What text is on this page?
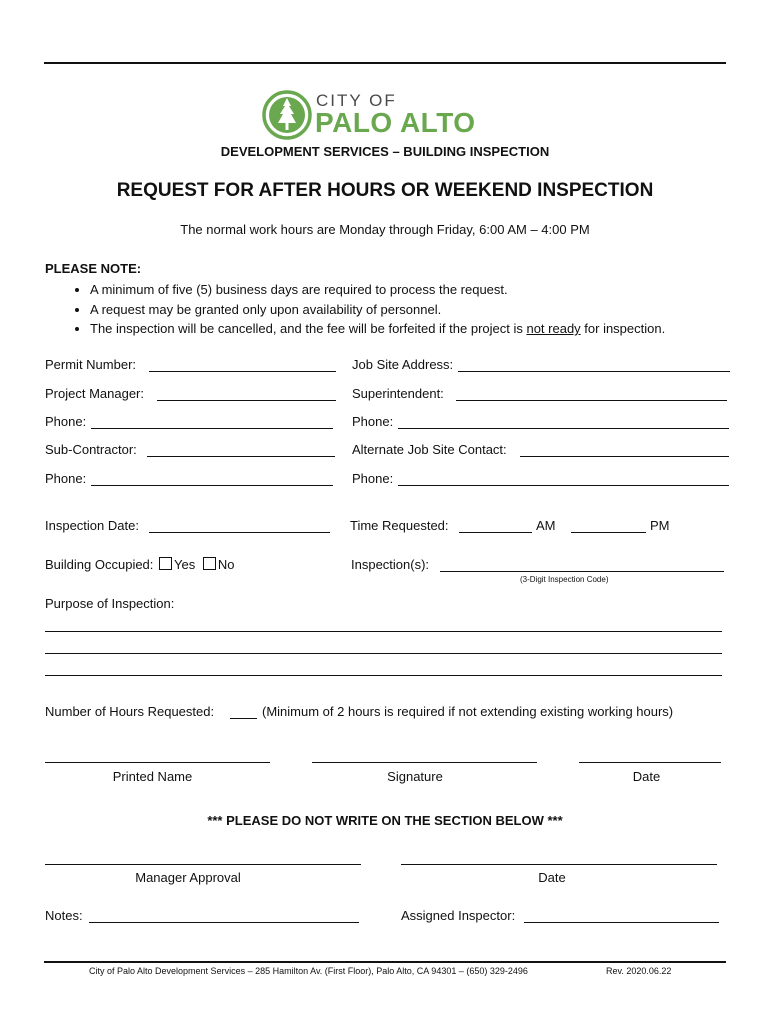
CITY OF
PALO ALTO
DEVELOPMENT SERVICES – BUILDING INSPECTION
REQUEST FOR AFTER HOURS OR WEEKEND INSPECTION
The normal work hours are Monday through Friday, 6:00 AM – 4:00 PM
PLEASE NOTE:
• A minimum of five (5) business days are required to process the request.
• A request may be granted only upon availability of personnel.
• The inspection will be cancelled, and the fee will be forfeited if the project is not ready for inspection.
Permit Number:	Job Site Address:
Project Manager:	Superintendent:
Phone:	Phone:
Sub-Contractor:	Alternate Job Site Contact:
Phone:	Phone:
Inspection Date:	Time Requested:	AM	PM
Building Occupied: Yes No	Inspection(s):
(3-Digit Inspection Code)
Purpose of Inspection:
Number of Hours Requested:	(Minimum of 2 hours is required if not extending existing working hours)
Printed Name	Signature	Date
*** PLEASE DO NOT WRITE ON THE SECTION BELOW ***
Manager Approval	Date
Notes:	Assigned Inspector:
City of Palo Alto Development Services – 285 Hamilton Av. (First Floor), Palo Alto, CA 94301 – (650) 329-2496	Rev. 2020.06.22
